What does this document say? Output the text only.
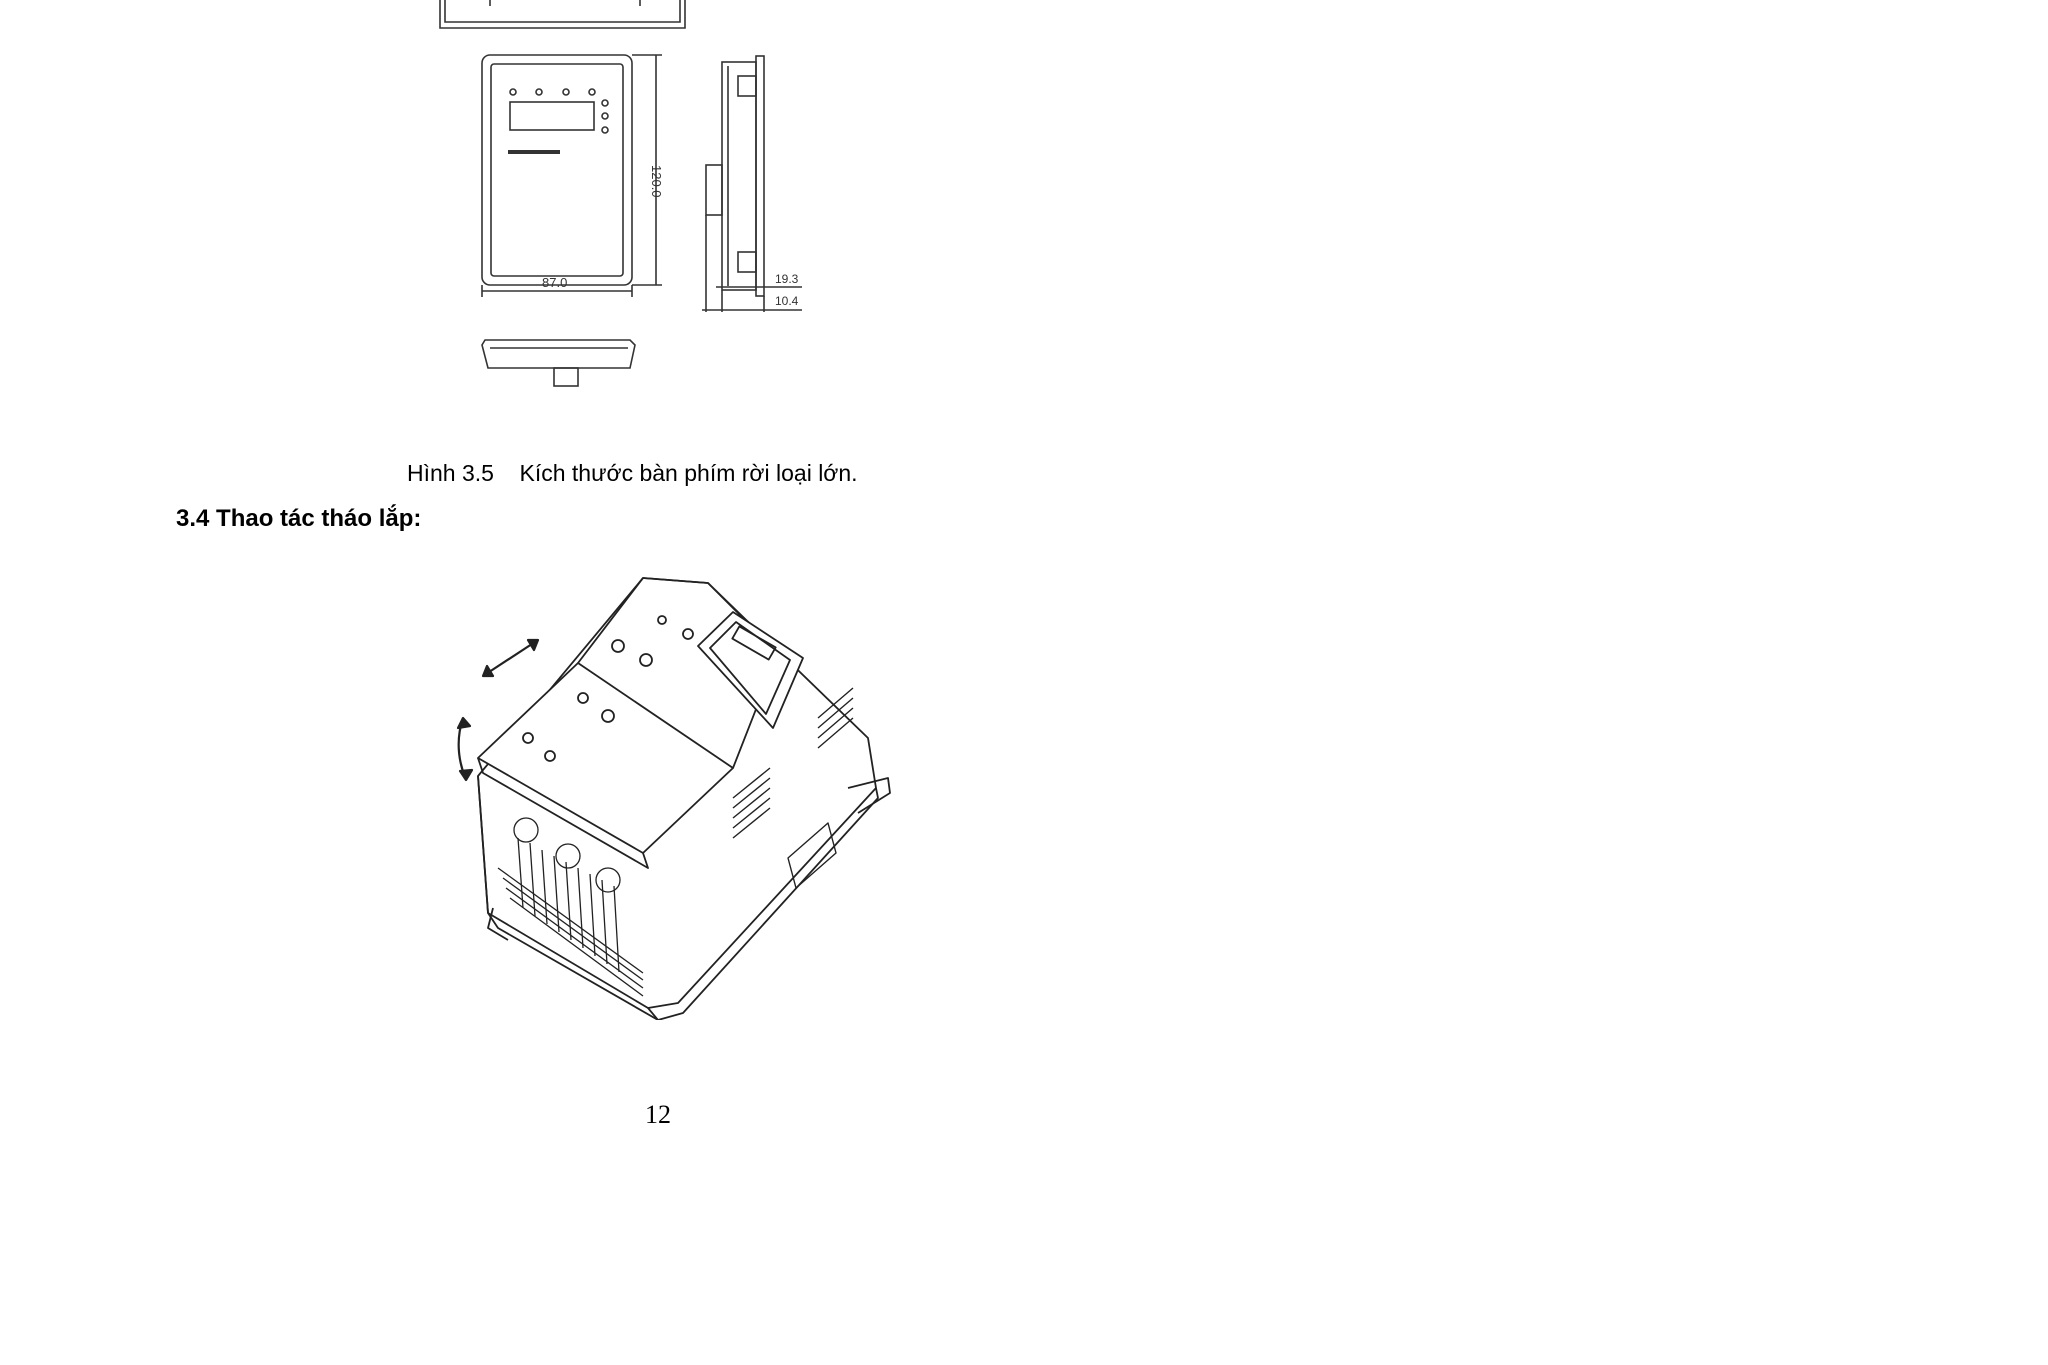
120.0
87.0	19.3
10.4
Hình 3.5    Kích thước bàn phím rời loại lớn.
3.4 Thao tác tháo lắp:
12
